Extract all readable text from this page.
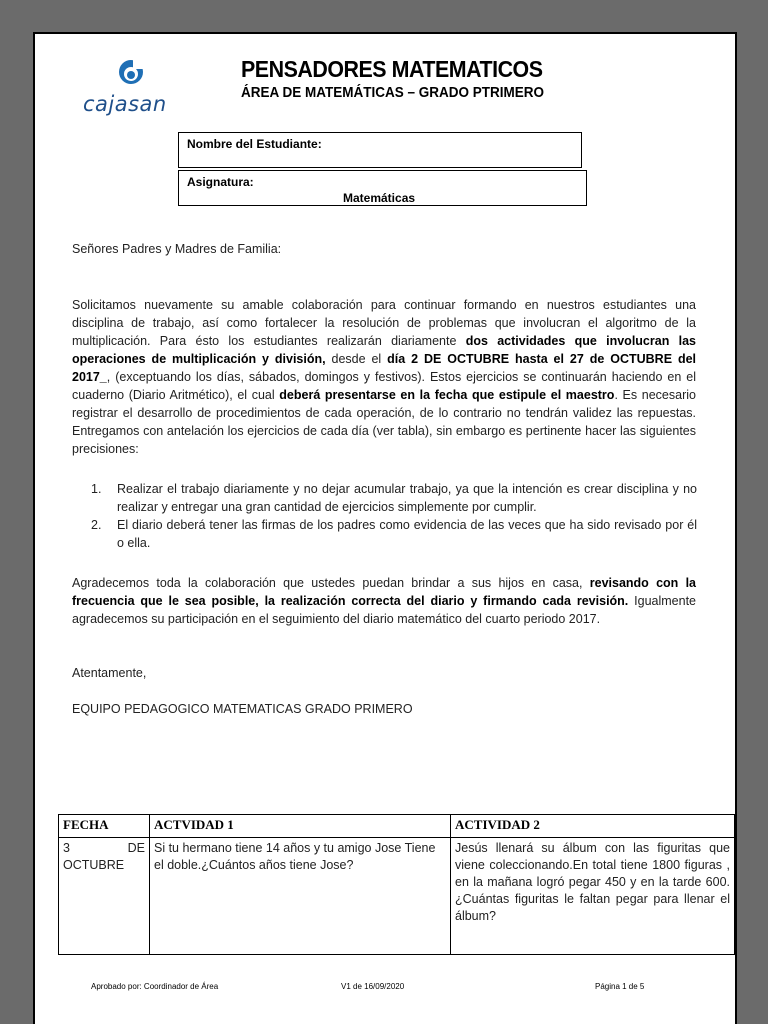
cajasan
PENSADORES MATEMATICOS
ÁREA DE MATEMÁTICAS – GRADO PTRIMERO
Nombre del Estudiante:
Asignatura:
Matemáticas
Señores Padres y Madres de Familia:
Solicitamos nuevamente su amable colaboración para continuar formando en nuestros estudiantes una disciplina de trabajo, así como fortalecer la resolución de problemas que involucran el algoritmo de la multiplicación. Para ésto los estudiantes realizarán diariamente dos actividades que involucran las operaciones de multiplicación y división, desde el día 2 DE OCTUBRE hasta el 27 de OCTUBRE del 2017_, (exceptuando los días, sábados, domingos y festivos). Estos ejercicios se continuarán haciendo en el cuaderno (Diario Aritmético), el cual deberá presentarse en la fecha que estipule el maestro. Es necesario registrar el desarrollo de procedimientos de cada operación, de lo contrario no tendrán validez las repuestas. Entregamos con antelación los ejercicios de cada día (ver tabla), sin embargo es pertinente hacer las siguientes precisiones:
1.	Realizar el trabajo diariamente y no dejar acumular trabajo, ya que la intención es crear disciplina y no realizar y entregar una gran cantidad de ejercicios simplemente por cumplir.
2.	El diario deberá tener las firmas de los padres como evidencia de las veces que ha sido revisado por él o ella.
Agradecemos toda la colaboración que ustedes puedan brindar a sus hijos en casa, revisando con la frecuencia que le sea posible, la realización correcta del diario y firmando cada revisión. Igualmente agradecemos su participación en el seguimiento del diario matemático del cuarto periodo 2017.
Atentamente,
EQUIPO PEDAGOGICO MATEMATICAS GRADO PRIMERO
FECHA	ACTVIDAD 1	ACTIVIDAD 2
3 DE OCTUBRE	Si tu hermano tiene 14 años y tu amigo Jose Tiene el doble.¿Cuántos años tiene Jose?	Jesús llenará su álbum con las figuritas que viene coleccionando.En total tiene 1800 figuras , en la mañana logró pegar 450 y en la tarde 600.¿Cuántas figuritas le faltan pegar para llenar el álbum?
Aprobado por: Coordinador de Área	V1 de 16/09/2020	Página 1 de 5
